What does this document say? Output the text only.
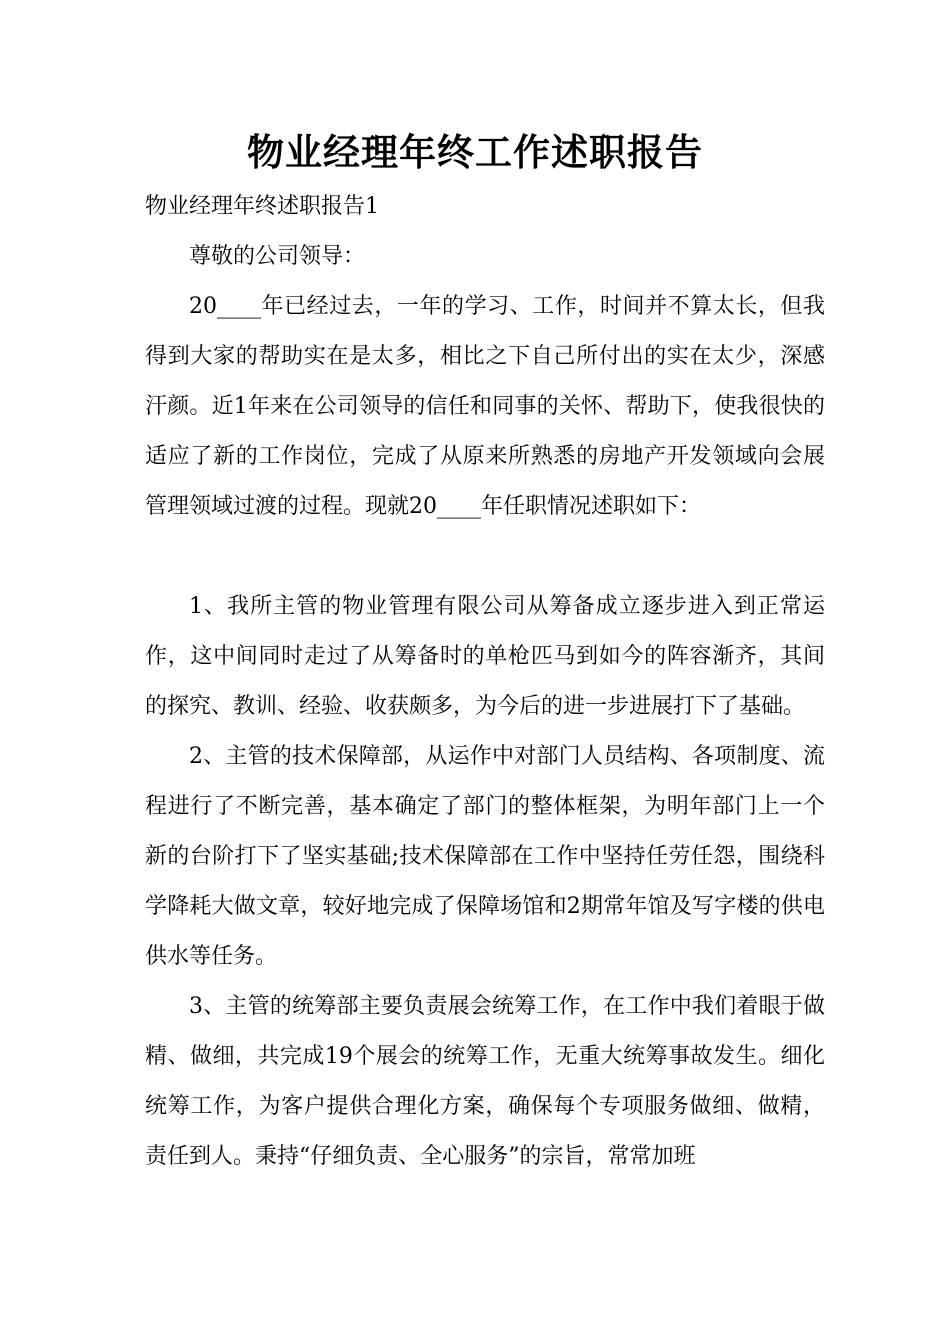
物业经理年终工作述职报告

物业经理年终述职报告1

尊敬的公司领导：

20____年已经过去，一年的学习、工作，时间并不算太长，但我得到大家的帮助实在是太多，相比之下自己所付出的实在太少，深感汗颜。近1年来在公司领导的信任和同事的关怀、帮助下，使我很快的适应了新的工作岗位，完成了从原来所熟悉的房地产开发领域向会展管理领域过渡的过程。现就20____年任职情况述职如下：

1、我所主管的物业管理有限公司从筹备成立逐步进入到正常运作，这中间同时走过了从筹备时的单枪匹马到如今的阵容渐齐，其间的探究、教训、经验、收获颇多，为今后的进一步进展打下了基础。

2、主管的技术保障部，从运作中对部门人员结构、各项制度、流程进行了不断完善，基本确定了部门的整体框架，为明年部门上一个新的台阶打下了坚实基础;技术保障部在工作中坚持任劳任怨，围绕科学降耗大做文章，较好地完成了保障场馆和2期常年馆及写字楼的供电供水等任务。

3、主管的统筹部主要负责展会统筹工作，在工作中我们着眼于做精、做细，共完成19个展会的统筹工作，无重大统筹事故发生。细化统筹工作，为客户提供合理化方案，确保每个专项服务做细、做精，责任到人。秉持“仔细负责、全心服务”的宗旨，常常加班
